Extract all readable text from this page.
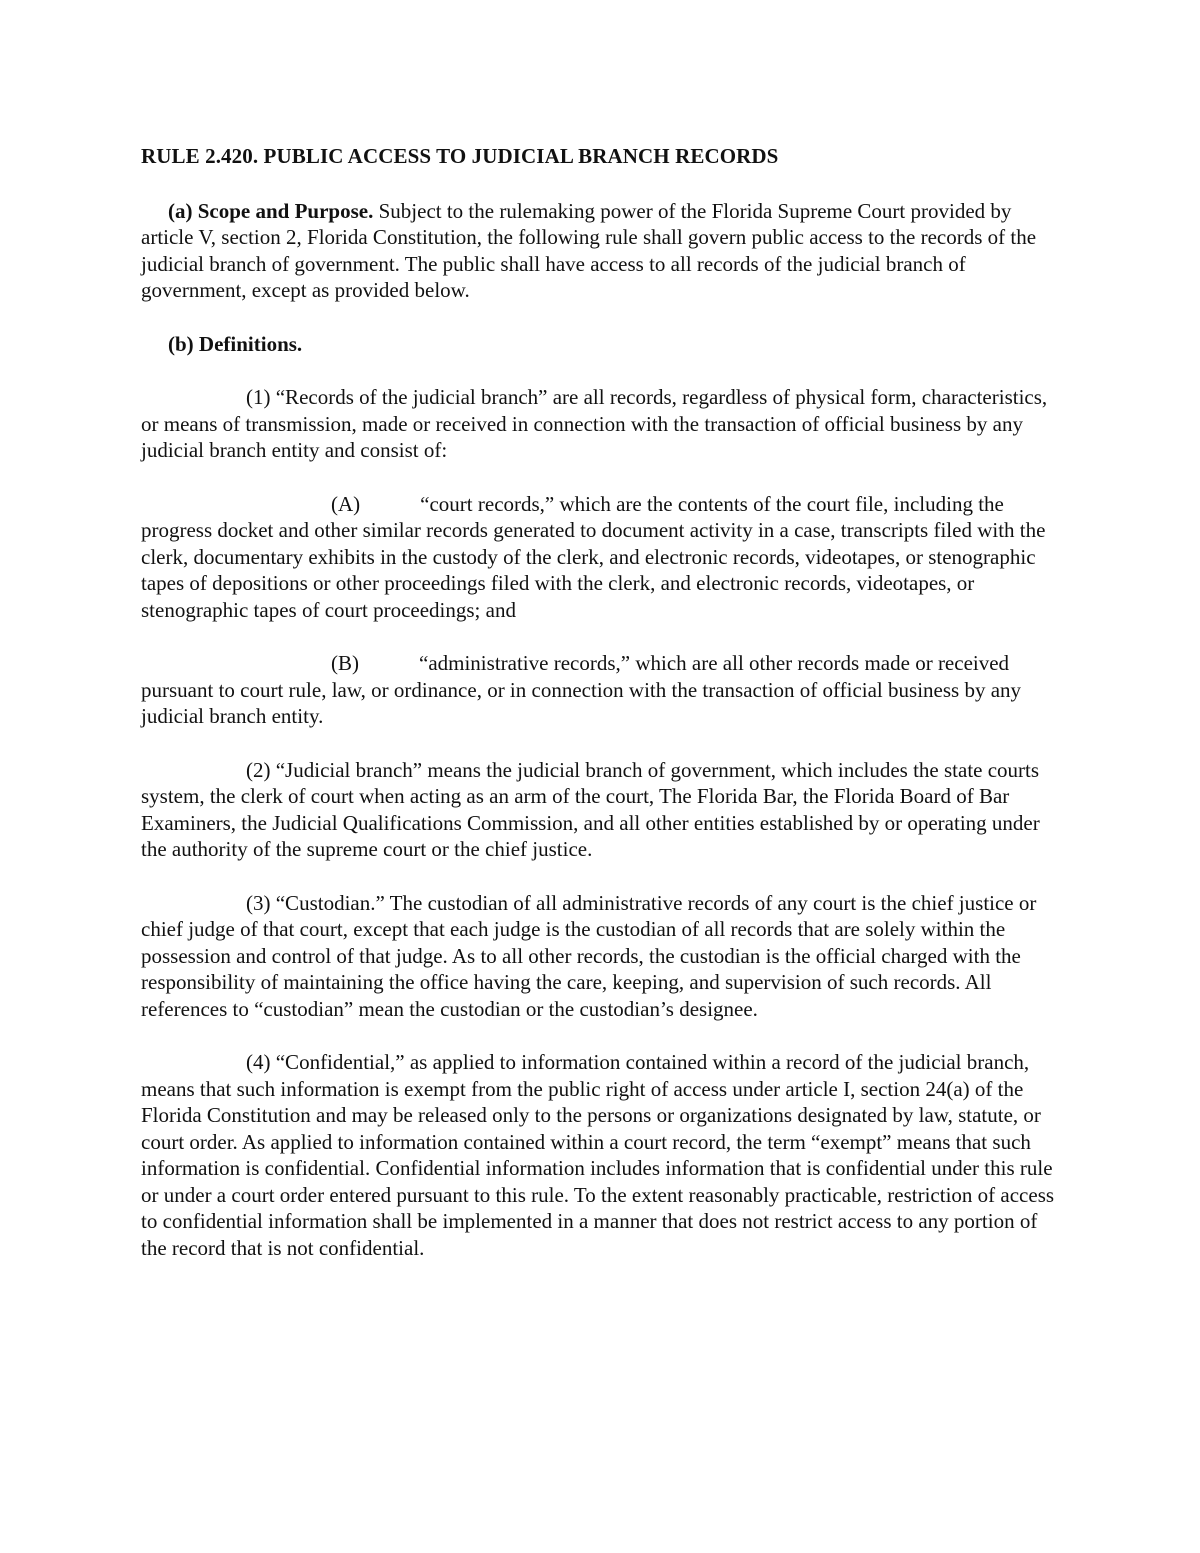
RULE 2.420. PUBLIC ACCESS TO JUDICIAL BRANCH RECORDS

(a) Scope and Purpose. Subject to the rulemaking power of the Florida Supreme Court provided by article V, section 2, Florida Constitution, the following rule shall govern public access to the records of the judicial branch of government. The public shall have access to all records of the judicial branch of government, except as provided below.

(b) Definitions.

(1) “Records of the judicial branch” are all records, regardless of physical form, characteristics, or means of transmission, made or received in connection with the transaction of official business by any judicial branch entity and consist of:

(A)	“court records,” which are the contents of the court file, including the progress docket and other similar records generated to document activity in a case, transcripts filed with the clerk, documentary exhibits in the custody of the clerk, and electronic records, videotapes, or stenographic tapes of depositions or other proceedings filed with the clerk, and electronic records, videotapes, or stenographic tapes of court proceedings; and

(B)	“administrative records,” which are all other records made or received pursuant to court rule, law, or ordinance, or in connection with the transaction of official business by any judicial branch entity.

(2) “Judicial branch” means the judicial branch of government, which includes the state courts system, the clerk of court when acting as an arm of the court, The Florida Bar, the Florida Board of Bar Examiners, the Judicial Qualifications Commission, and all other entities established by or operating under the authority of the supreme court or the chief justice.

(3) “Custodian.” The custodian of all administrative records of any court is the chief justice or chief judge of that court, except that each judge is the custodian of all records that are solely within the possession and control of that judge. As to all other records, the custodian is the official charged with the responsibility of maintaining the office having the care, keeping, and supervision of such records. All references to “custodian” mean the custodian or the custodian’s designee.

(4) “Confidential,” as applied to information contained within a record of the judicial branch, means that such information is exempt from the public right of access under article I, section 24(a) of the Florida Constitution and may be released only to the persons or organizations designated by law, statute, or court order. As applied to information contained within a court record, the term “exempt” means that such information is confidential. Confidential information includes information that is confidential under this rule or under a court order entered pursuant to this rule. To the extent reasonably practicable, restriction of access to confidential information shall be implemented in a manner that does not restrict access to any portion of the record that is not confidential.
